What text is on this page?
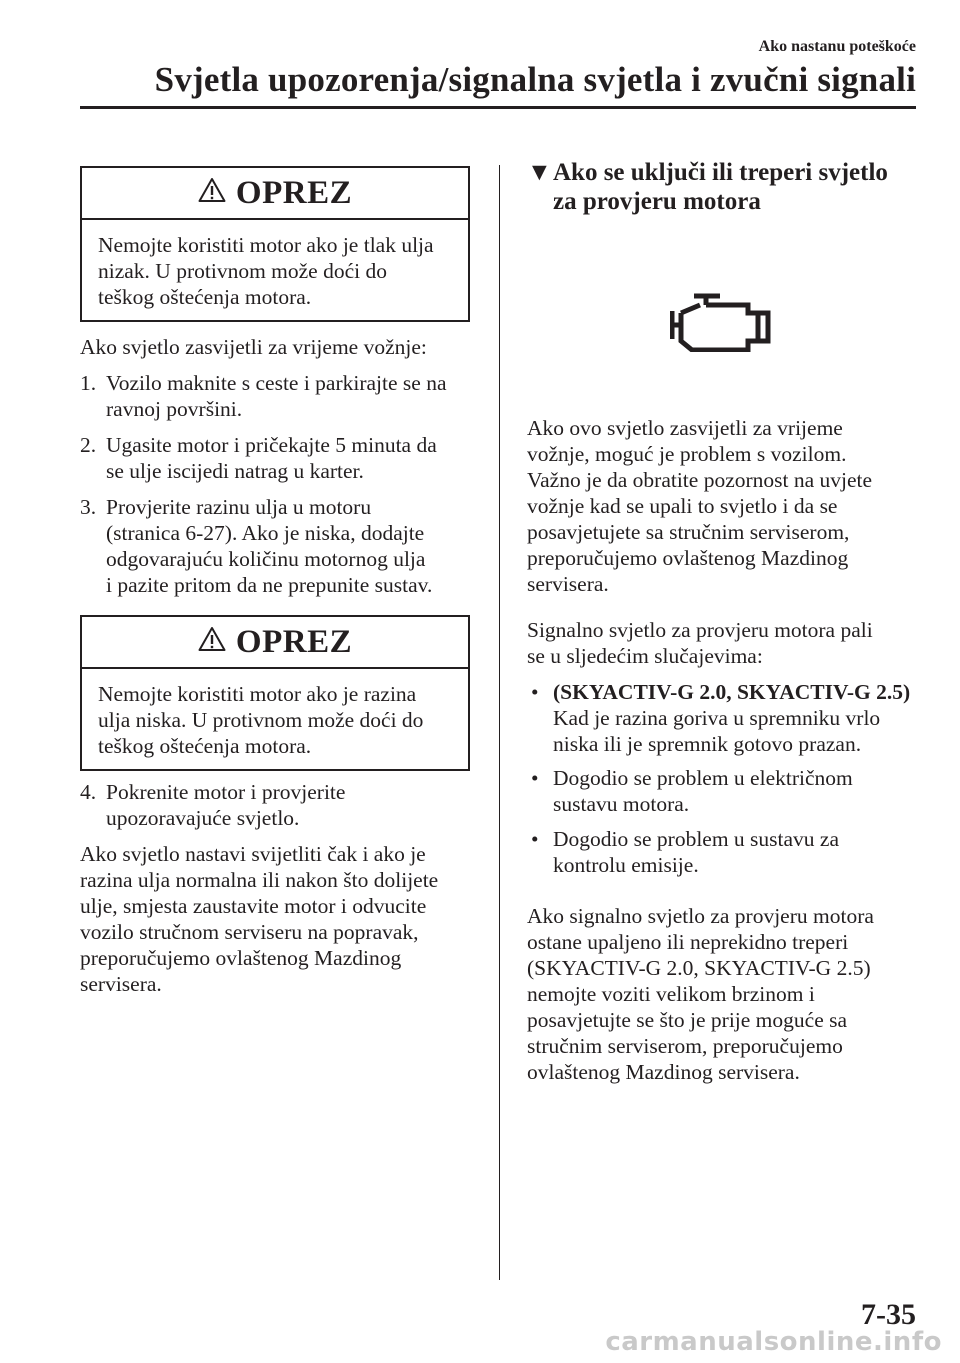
Ako nastanu poteškoće
Svjetla upozorenja/signalna svjetla i zvučni signali
OPREZ
Nemojte koristiti motor ako je tlak ulja
nizak. U protivnom može doći do
teškog oštećenja motora.
Ako svjetlo zasvijetli za vrijeme vožnje:
1. Vozilo maknite s ceste i parkirajte se na
ravnoj površini.
2. Ugasite motor i pričekajte 5 minuta da
se ulje iscijedi natrag u karter.
3. Provjerite razinu ulja u motoru
(stranica 6-27). Ako je niska, dodajte
odgovarajuću količinu motornog ulja
i pazite pritom da ne prepunite sustav.
OPREZ
Nemojte koristiti motor ako je razina
ulja niska. U protivnom može doći do
teškog oštećenja motora.
4. Pokrenite motor i provjerite
upozoravajuće svjetlo.
Ako svjetlo nastavi svijetliti čak i ako je
razina ulja normalna ili nakon što dolijete
ulje, smjesta zaustavite motor i odvucite
vozilo stručnom serviseru na popravak,
preporučujemo ovlaštenog Mazdinog
servisera.
▼ Ako se uključi ili treperi svjetlo
za provjeru motora
Ako ovo svjetlo zasvijetli za vrijeme
vožnje, moguć je problem s vozilom.
Važno je da obratite pozornost na uvjete
vožnje kad se upali to svjetlo i da se
posavjetujete sa stručnim serviserom,
preporučujemo ovlaštenog Mazdinog
servisera.
Signalno svjetlo za provjeru motora pali
se u sljedećim slučajevima:
• (SKYACTIV-G 2.0, SKYACTIV-G 2.5)
Kad je razina goriva u spremniku vrlo
niska ili je spremnik gotovo prazan.
• Dogodio se problem u električnom
sustavu motora.
• Dogodio se problem u sustavu za
kontrolu emisije.
Ako signalno svjetlo za provjeru motora
ostane upaljeno ili neprekidno treperi
(SKYACTIV-G 2.0, SKYACTIV-G 2.5)
nemojte voziti velikom brzinom i
posavjetujte se što je prije moguće sa
stručnim serviserom, preporučujemo
ovlaštenog Mazdinog servisera.
7-35
carmanualsonline.info
